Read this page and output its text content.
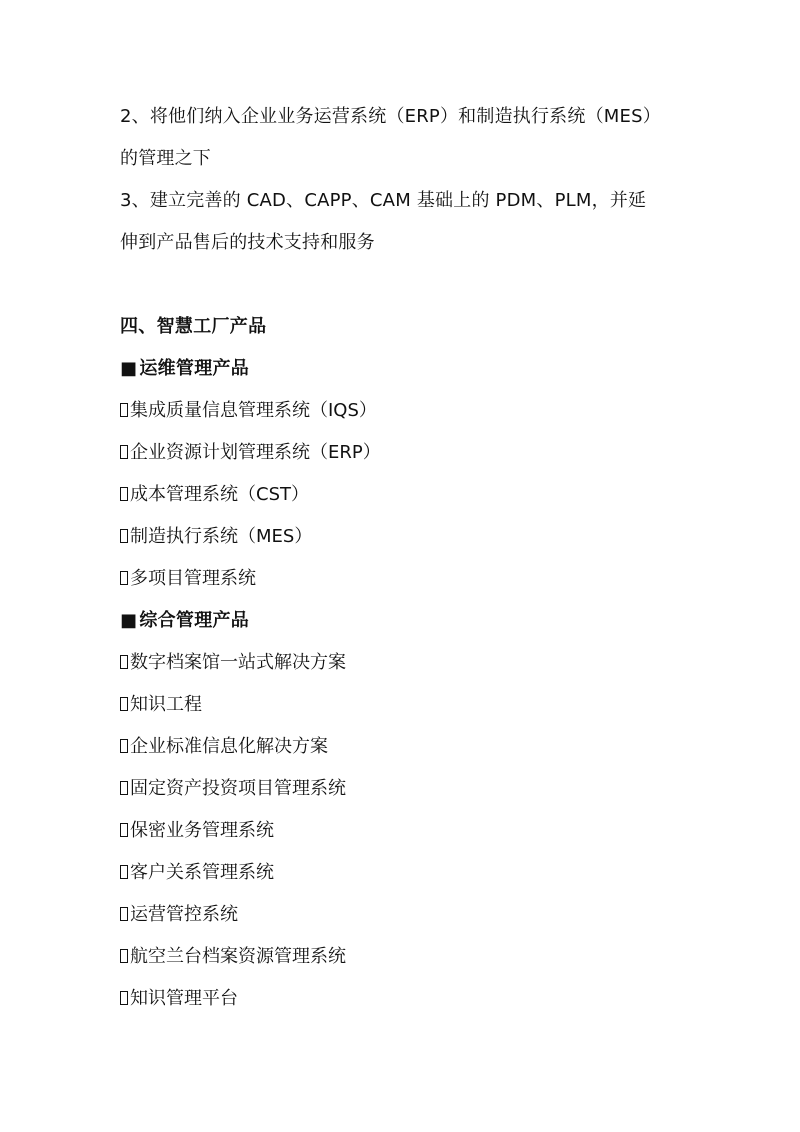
2、将他们纳入企业业务运营系统（ERP）和制造执行系统（MES）
的管理之下
3、建立完善的 CAD、CAPP、CAM 基础上的 PDM、PLM，并延
伸到产品售后的技术支持和服务
四、智慧工厂产品
■ 运维管理产品
集成质量信息管理系统（IQS）
企业资源计划管理系统（ERP）
成本管理系统（CST）
制造执行系统（MES）
多项目管理系统
■ 综合管理产品
数字档案馆一站式解决方案
知识工程
企业标准信息化解决方案
固定资产投资项目管理系统
保密业务管理系统
客户关系管理系统
运营管控系统
航空兰台档案资源管理系统
知识管理平台
